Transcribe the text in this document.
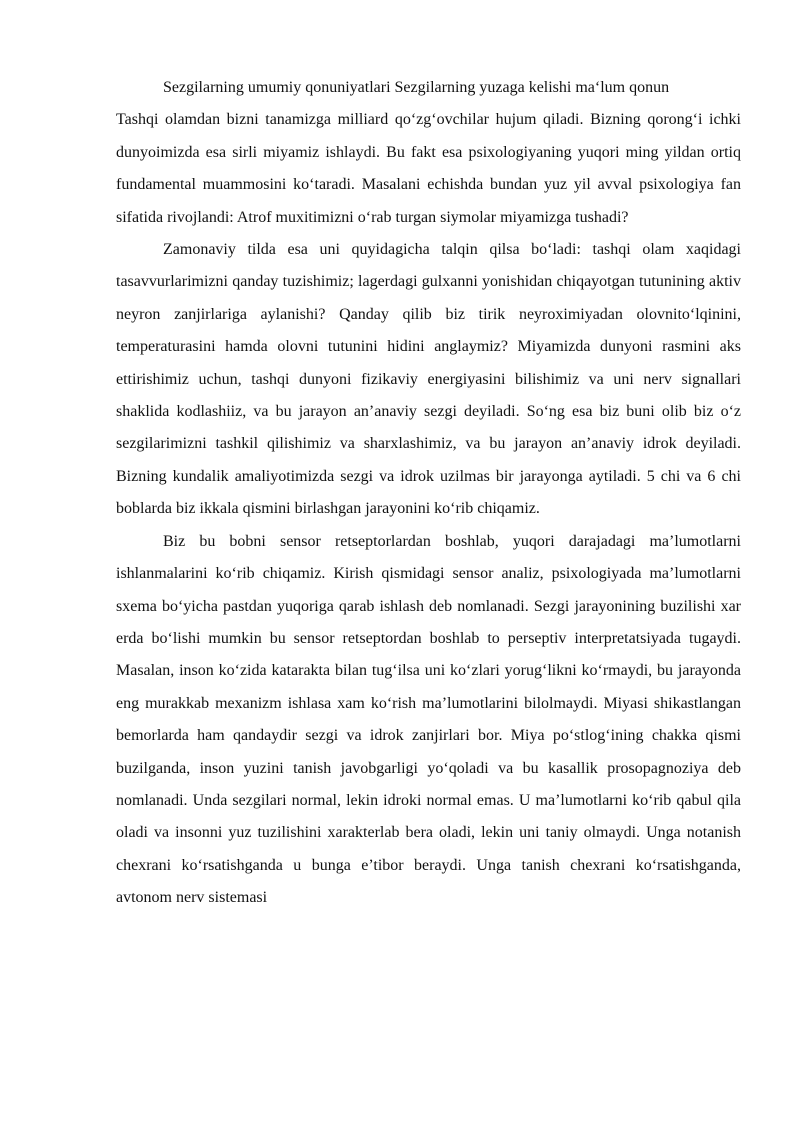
Sezgilarning umumiy qonuniyatlari Sezgilarning yuzaga kelishi ma‘lum qonun

Tashqi olamdan bizni tanamizga milliard qo‘zg‘ovchilar hujum qiladi. Bizning qorong‘i ichki dunyoimizda esa sirli miyamiz ishlaydi. Bu fakt esa psixologiyaning yuqori ming yildan ortiq fundamental muammosini ko‘taradi. Masalani echishda bundan yuz yil avval psixologiya fan sifatida rivojlandi: Atrof muxitimizni o‘rab turgan siymolar miyamizga tushadi?

Zamonaviy tilda esa uni quyidagicha talqin qilsa bo‘ladi: tashqi olam xaqidagi tasavvurlarimizni qanday tuzishimiz; lagerdagi gulxanni yonishidan chiqayotgan tutunining aktiv neyron zanjirlariga aylanishi? Qanday qilib biz tirik neyroximiyadan olovnito‘lqinini, temperaturasini hamda olovni tutunini hidini anglaymiz? Miyamizda dunyoni rasmini aks ettirishimiz uchun, tashqi dunyoni fizikaviy energiyasini bilishimiz va uni nerv signallari shaklida kodlashiiz, va bu jarayon an’anaviy sezgi deyiladi. So‘ng esa biz buni olib biz o‘z sezgilarimizni tashkil qilishimiz va sharxlashimiz, va bu jarayon an’anaviy idrok deyiladi. Bizning kundalik amaliyotimizda sezgi va idrok uzilmas bir jarayonga aytiladi. 5 chi va 6 chi boblarda biz ikkala qismini birlashgan jarayonini ko‘rib chiqamiz.

Biz bu bobni sensor retseptorlardan boshlab, yuqori darajadagi ma’lumotlarni ishlanmalarini ko‘rib chiqamiz. Kirish qismidagi sensor analiz, psixologiyada ma’lumotlarni sxema bo‘yicha pastdan yuqoriga qarab ishlash deb nomlanadi. Sezgi jarayonining buzilishi xar erda bo‘lishi mumkin bu sensor retseptordan boshlab to perseptiv interpretatsiyada tugaydi. Masalan, inson ko‘zida katarakta bilan tug‘ilsa uni ko‘zlari yorug‘likni ko‘rmaydi, bu jarayonda eng murakkab mexanizm ishlasa xam ko‘rish ma’lumotlarini bilolmaydi. Miyasi shikastlangan bemorlarda ham qandaydir sezgi va idrok zanjirlari bor. Miya po‘stlog‘ining chakka qismi buzilganda, inson yuzini tanish javobgarligi yo‘qoladi va bu kasallik prosopagnoziya deb nomlanadi. Unda sezgilari normal, lekin idroki normal emas. U ma’lumotlarni ko‘rib qabul qila oladi va insonni yuz tuzilishini xarakterlab bera oladi, lekin uni taniy olmaydi. Unga notanish chexrani ko‘rsatishganda u bunga e’tibor beraydi. Unga tanish chexrani ko‘rsatishganda, avtonom nerv sistemasi
